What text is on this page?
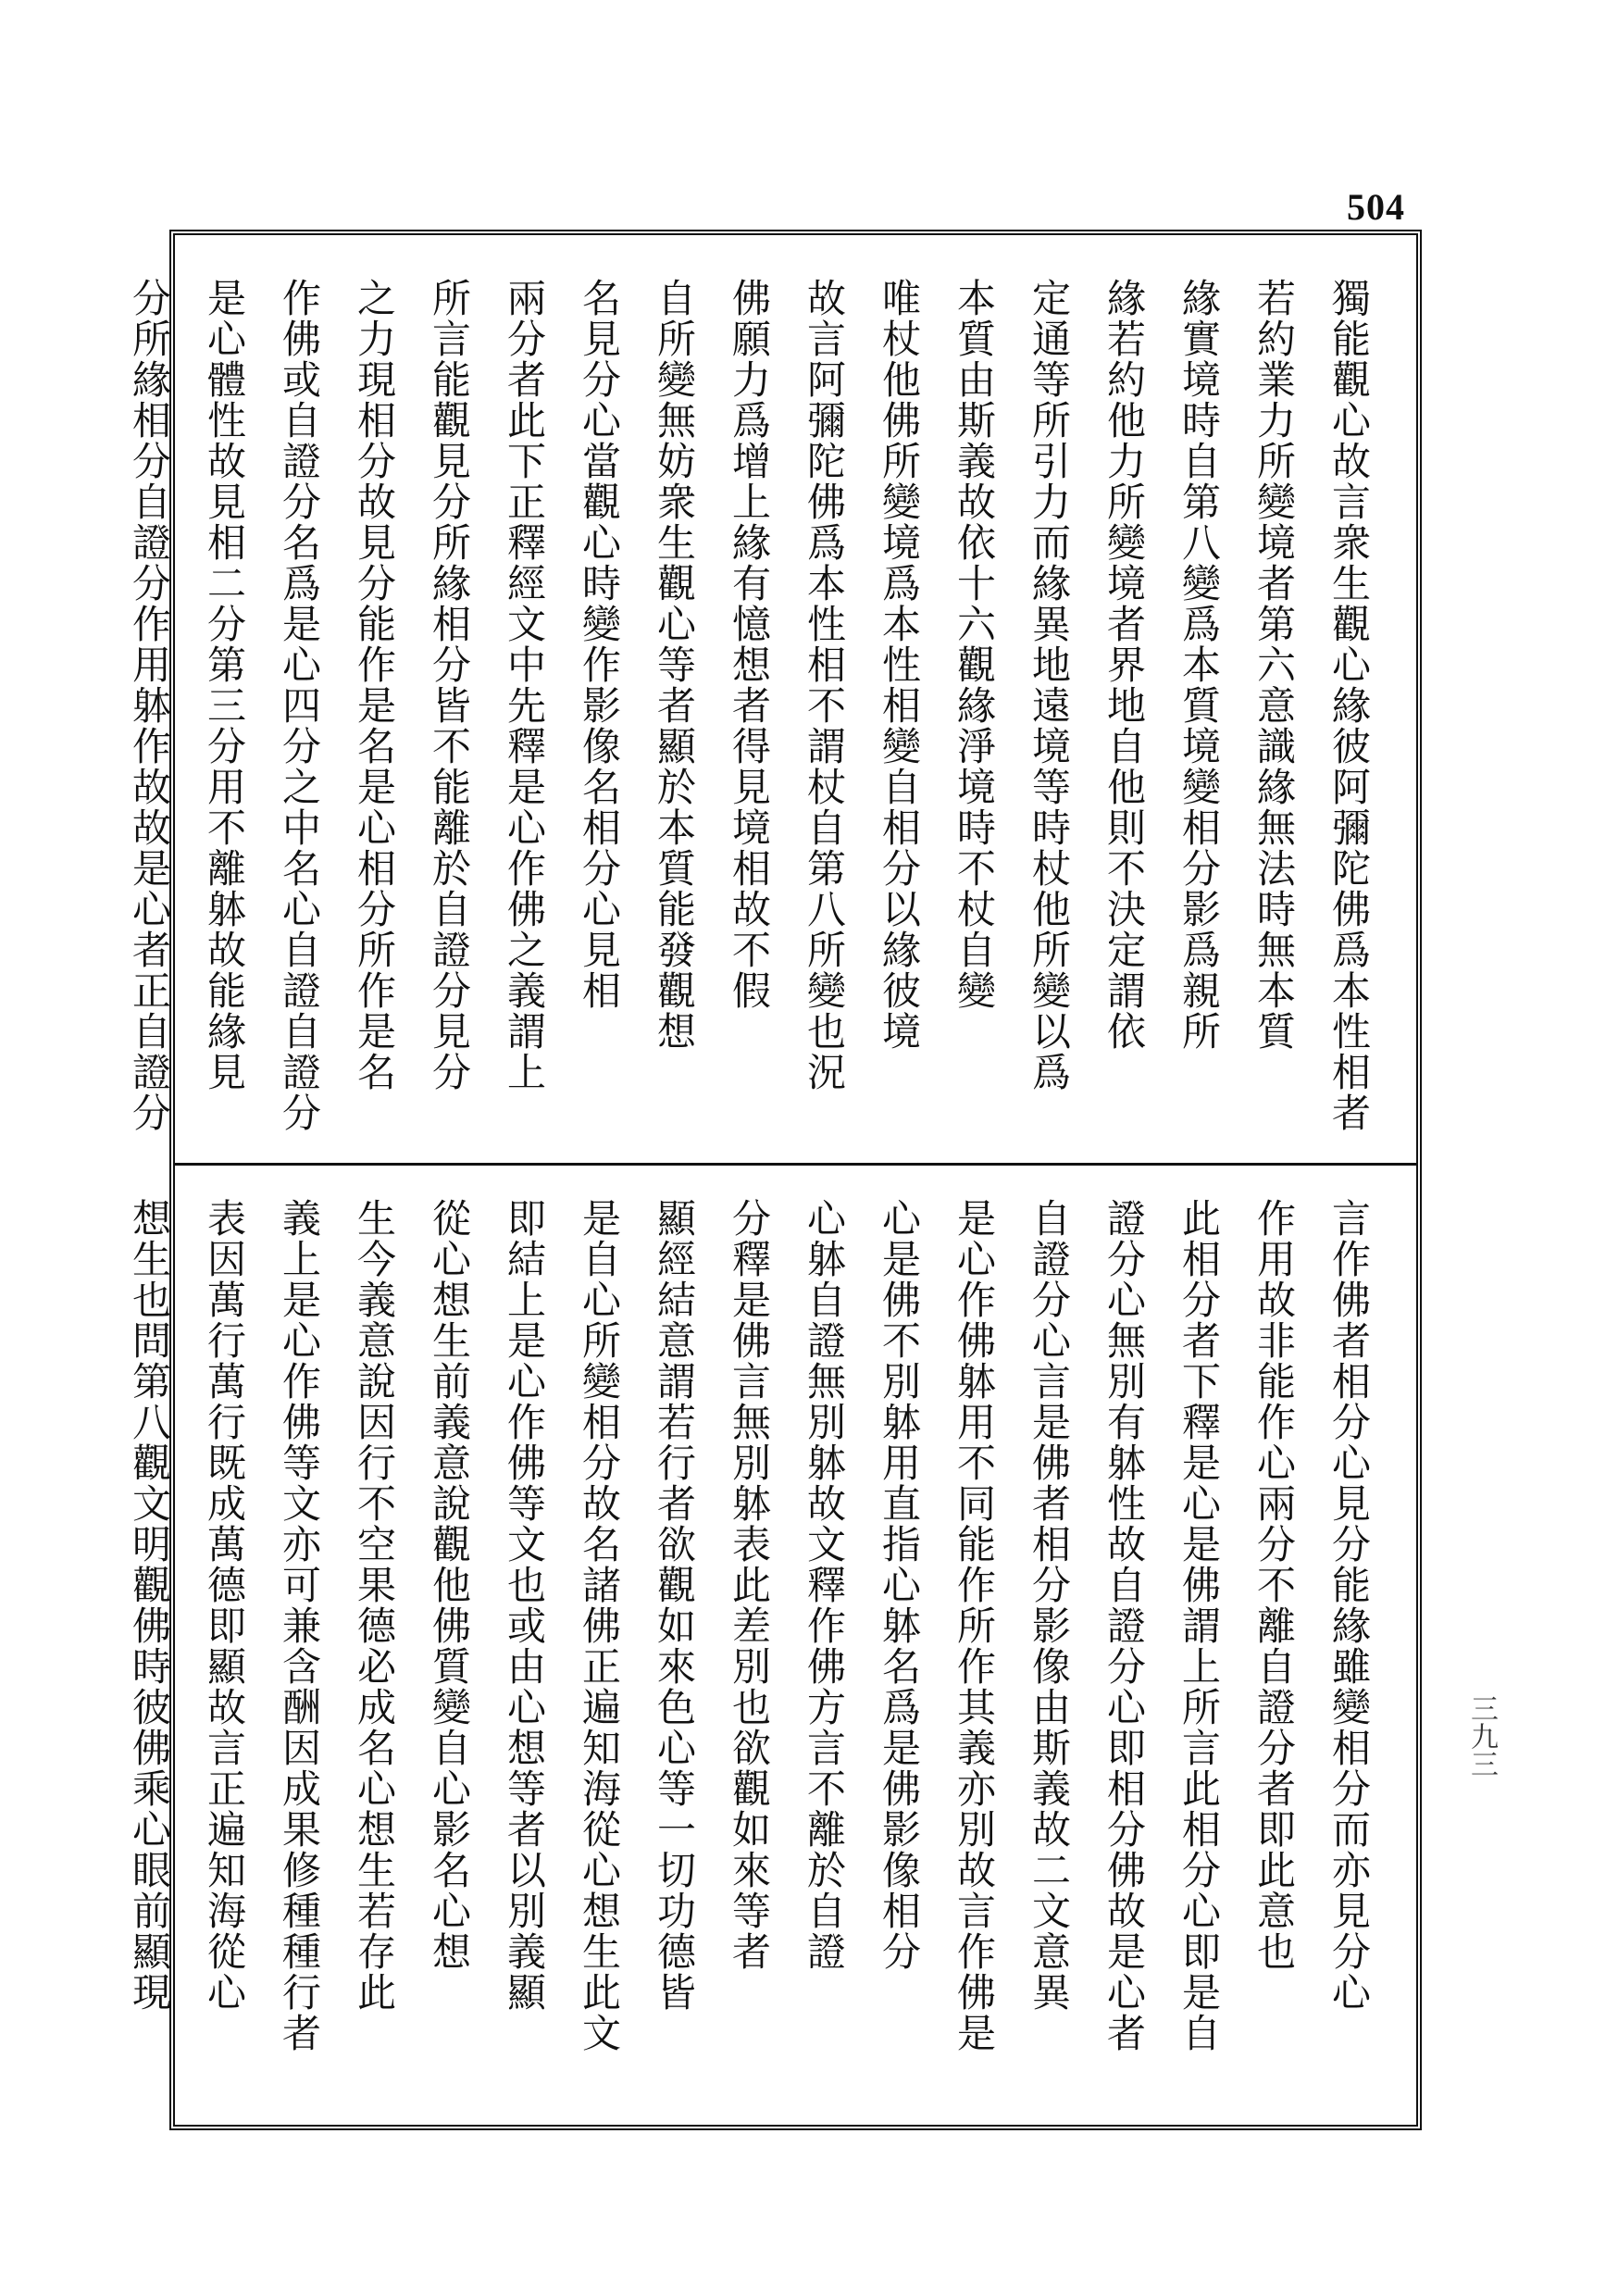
504
獨能觀心故言衆生觀心緣彼阿彌陀佛爲本性相者
若約業力所變境者第六意識緣無法時無本質
緣實境時自第八變爲本質境變相分影爲親所
緣若約他力所變境者界地自他則不決定謂依
定通等所引力而緣異地遠境等時杖他所變以爲
本質由斯義故依十六觀緣淨境時不杖自變
唯杖他佛所變境爲本性相變自相分以緣彼境
故言阿彌陀佛爲本性相不謂杖自第八所變也況
佛願力爲增上緣有憶想者得見境相故不假
自所變無妨衆生觀心等者顯於本質能發觀想
名見分心當觀心時變作影像名相分心見相
兩分者此下正釋經文中先釋是心作佛之義謂上
所言能觀見分所緣相分皆不能離於自證分見分
之力現相分故見分能作是名是心相分所作是名
作佛或自證分名爲是心四分之中名心自證自證分
是心體性故見相二分第三分用不離躰故能緣見
分所緣相分自證分作用躰作故故是心者正自證分
言作佛者相分心見分能緣雖變相分而亦見分心
作用故非能作心兩分不離自證分者即此意也
此相分者下釋是心是佛謂上所言此相分心即是自
證分心無別有躰性故自證分心即相分佛故是心者
自證分心言是佛者相分影像由斯義故二文意異
是心作佛躰用不同能作所作其義亦別故言作佛是
心是佛不別躰用直指心躰名爲是佛影像相分
心躰自證無別躰故文釋作佛方言不離於自證
分釋是佛言無別躰表此差別也欲觀如來等者
顯經結意謂若行者欲觀如來色心等一切功德皆
是自心所變相分故名諸佛正遍知海從心想生此文
即結上是心作佛等文也或由心想等者以別義顯
從心想生前義意說觀他佛質變自心影名心想
生今義意說因行不空果德必成名心想生若存此
義上是心作佛等文亦可兼含酬因成果修種種行者
表因萬行萬行既成萬德即顯故言正遍知海從心
想生也問第八觀文明觀佛時彼佛乘心眼前顯現	三九三
